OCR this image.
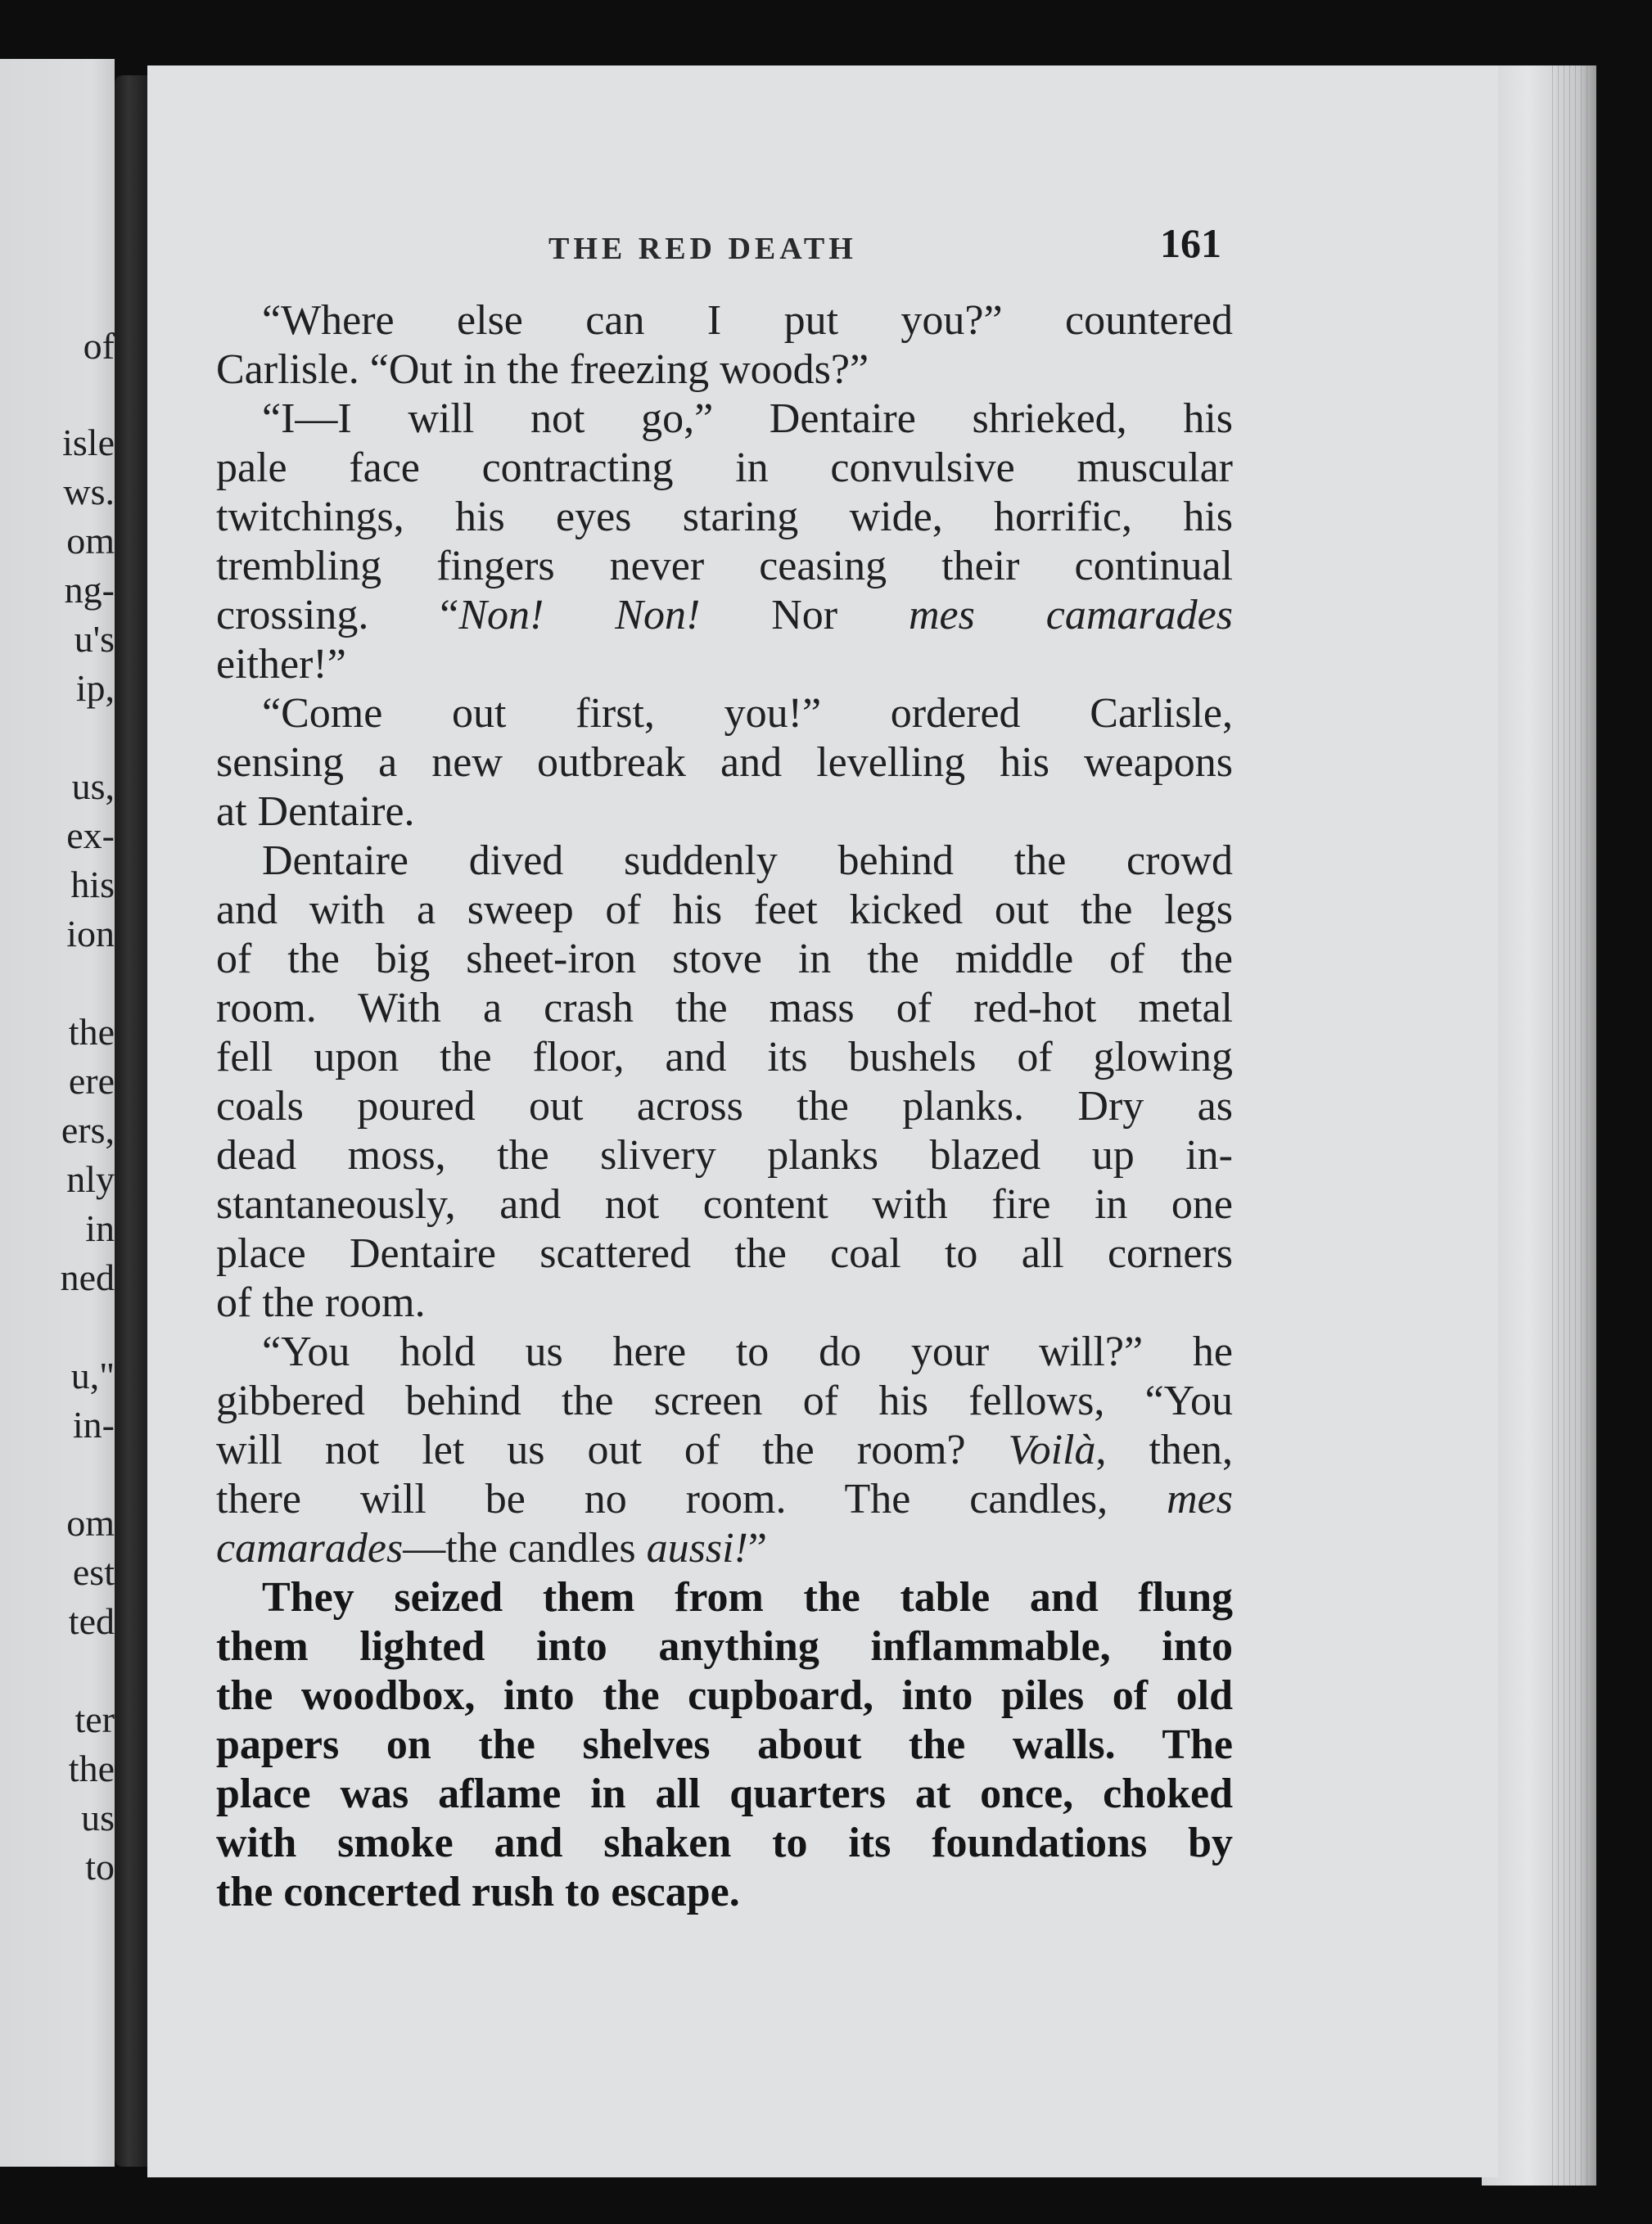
of
isle
ws.
om
ng-
u's
ip,
us,
ex-
his
ion
the
ere
ers,
nly
in
ned
u,"
in-
om
est
ted
ter
the
us
to
THE RED DEATH	161
“Where else can I put you?” countered
Carlisle. “Out in the freezing woods?”
“I—I will not go,” Dentaire shrieked, his
pale face contracting in convulsive muscular
twitchings, his eyes staring wide, horrific, his
trembling fingers never ceasing their continual
crossing. “Non! Non! Nor mes camarades
either!”
“Come out first, you!” ordered Carlisle,
sensing a new outbreak and levelling his weapons
at Dentaire.
Dentaire dived suddenly behind the crowd
and with a sweep of his feet kicked out the legs
of the big sheet-iron stove in the middle of the
room. With a crash the mass of red-hot metal
fell upon the floor, and its bushels of glowing
coals poured out across the planks. Dry as
dead moss, the slivery planks blazed up in-
stantaneously, and not content with fire in one
place Dentaire scattered the coal to all corners
of the room.
“You hold us here to do your will?” he
gibbered behind the screen of his fellows, “You
will not let us out of the room? Voilà, then,
there will be no room. The candles, mes
camarades—the candles aussi!”
They seized them from the table and flung
them lighted into anything inflammable, into
the woodbox, into the cupboard, into piles of old
papers on the shelves about the walls. The
place was aflame in all quarters at once, choked
with smoke and shaken to its foundations by
the concerted rush to escape.
